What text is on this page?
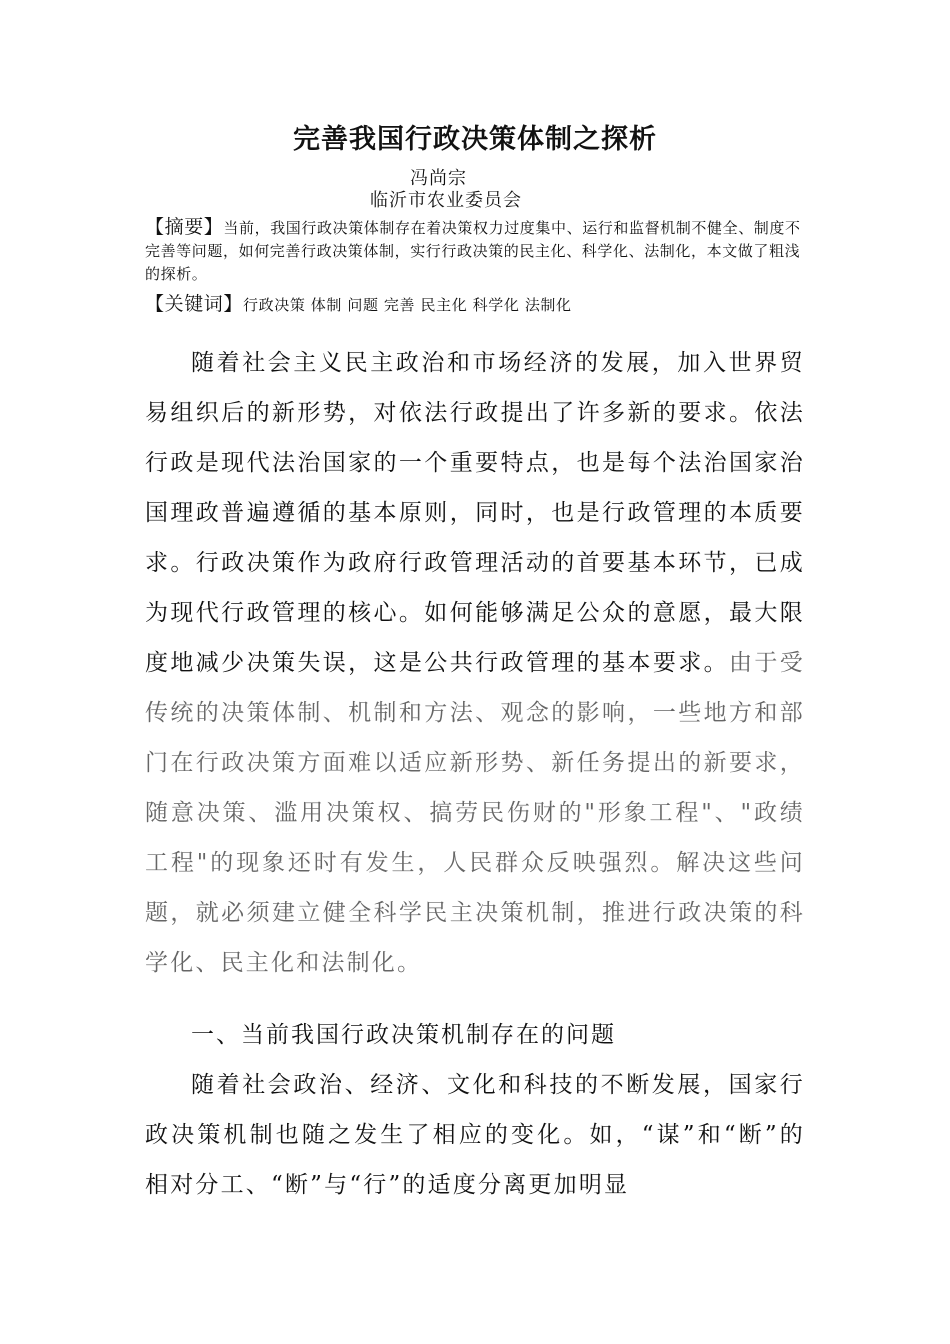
完善我国行政决策体制之探析
冯尚宗
临沂市农业委员会
【摘要】当前，我国行政决策体制存在着决策权力过度集中、运行和监督机制不健全、制度不完善等问题，如何完善行政决策体制，实行行政决策的民主化、科学化、法制化，本文做了粗浅的探析。
【关键词】行政决策 体制 问题 完善 民主化 科学化 法制化
随着社会主义民主政治和市场经济的发展，加入世界贸易组织后的新形势，对依法行政提出了许多新的要求。依法行政是现代法治国家的一个重要特点，也是每个法治国家治国理政普遍遵循的基本原则，同时，也是行政管理的本质要求。行政决策作为政府行政管理活动的首要基本环节，已成为现代行政管理的核心。如何能够满足公众的意愿，最大限度地减少决策失误，这是公共行政管理的基本要求。由于受传统的决策体制、机制和方法、观念的影响，一些地方和部门在行政决策方面难以适应新形势、新任务提出的新要求，随意决策、滥用决策权、搞劳民伤财的"形象工程"、"政绩工程"的现象还时有发生，人民群众反映强烈。解决这些问题，就必须建立健全科学民主决策机制，推进行政决策的科学化、民主化和法制化。
一、当前我国行政决策机制存在的问题
随着社会政治、经济、文化和科技的不断发展，国家行政决策机制也随之发生了相应的变化。如，“谋”和“断”的相对分工、“断”与“行”的适度分离更加明显
